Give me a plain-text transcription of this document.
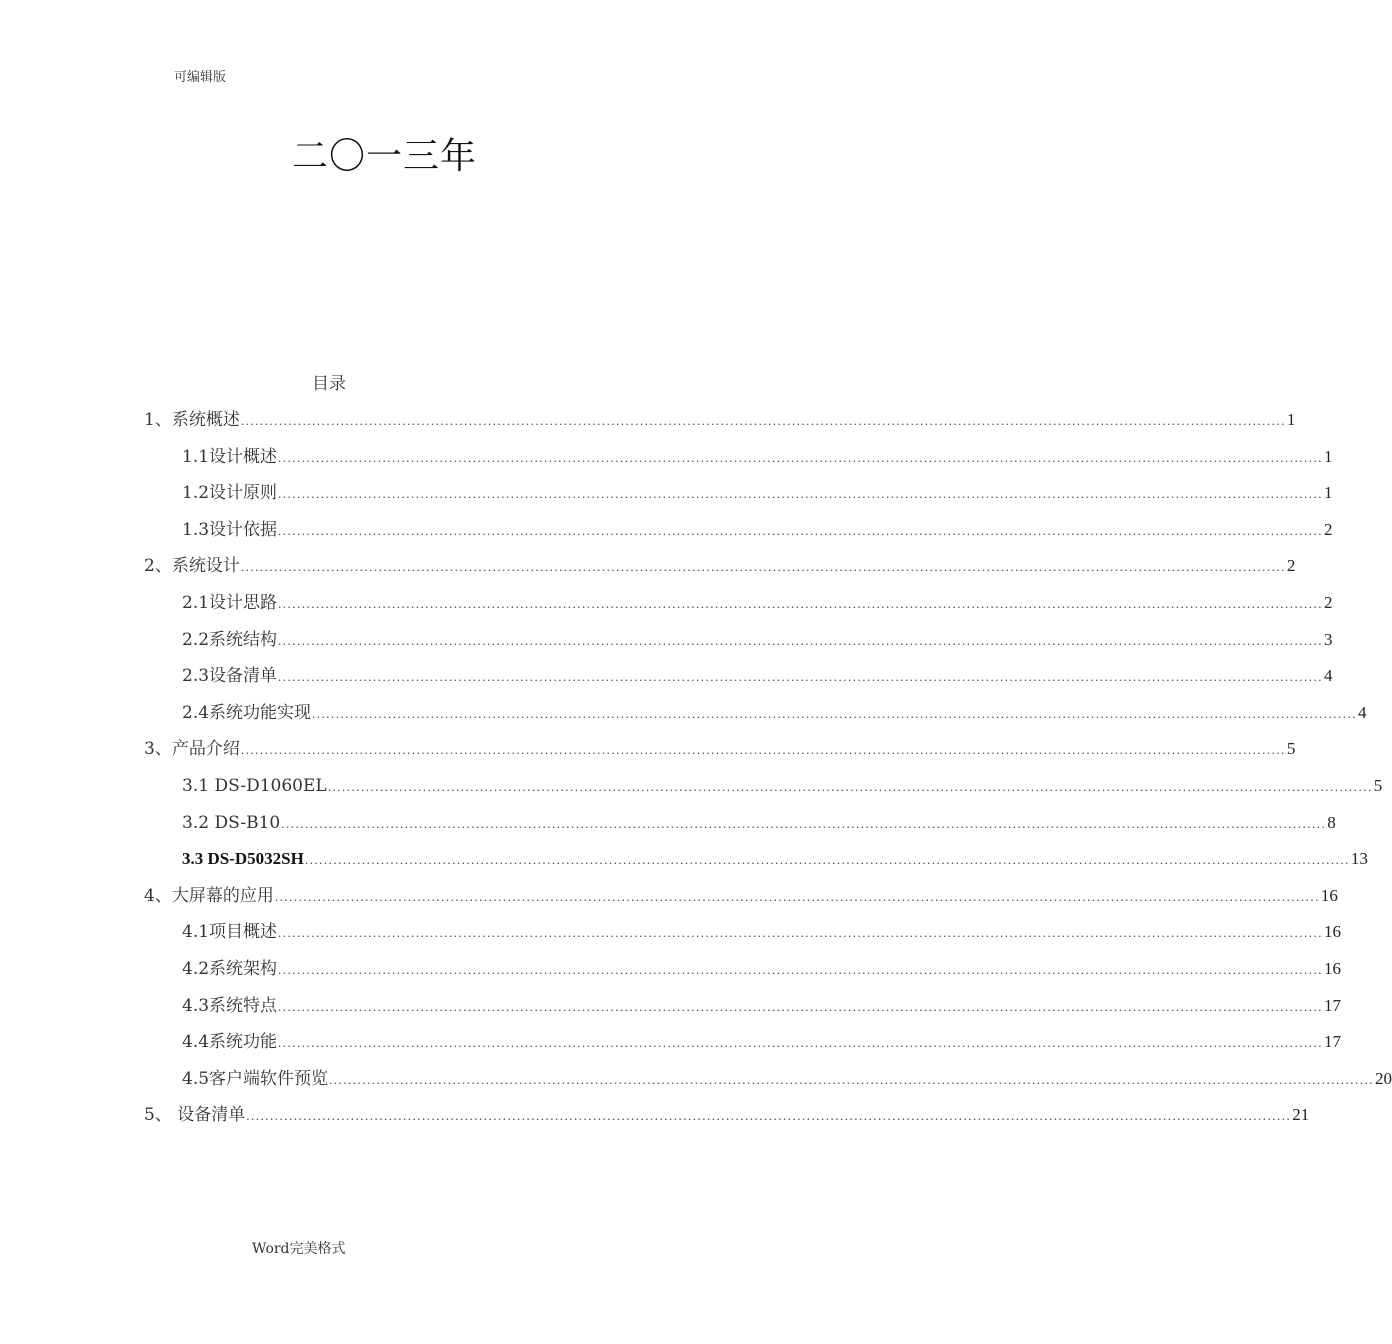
可编辑版
二〇一三年
目录
1、系统概述 ............................................................................................................................................................................................................................ 1
1.1设计概述 ............................................................................................................................................................................................................................ 1
1.2设计原则 ............................................................................................................................................................................................................................ 1
1.3设计依据 ............................................................................................................................................................................................................................ 2
2、系统设计 ............................................................................................................................................................................................................................ 2
2.1设计思路 ............................................................................................................................................................................................................................ 2
2.2系统结构 ............................................................................................................................................................................................................................ 3
2.3设备清单 ............................................................................................................................................................................................................................ 4
2.4系统功能实现 ............................................................................................................................................................................................................................ 4
3、产品介绍 ............................................................................................................................................................................................................................ 5
3.1 DS-D1060EL ............................................................................................................................................................................................................................ 5
3.2 DS-B10 ............................................................................................................................................................................................................................ 8
3.3 DS-D5032SH ............................................................................................................................................................................................................................ 13
4、大屏幕的应用 ............................................................................................................................................................................................................................ 16
4.1项目概述 ............................................................................................................................................................................................................................ 16
4.2系统架构 ............................................................................................................................................................................................................................ 16
4.3系统特点 ............................................................................................................................................................................................................................ 17
4.4系统功能 ............................................................................................................................................................................................................................ 17
4.5客户端软件预览 ............................................................................................................................................................................................................................ 20
5、 设备清单 ............................................................................................................................................................................................................................ 21
Word完美格式
